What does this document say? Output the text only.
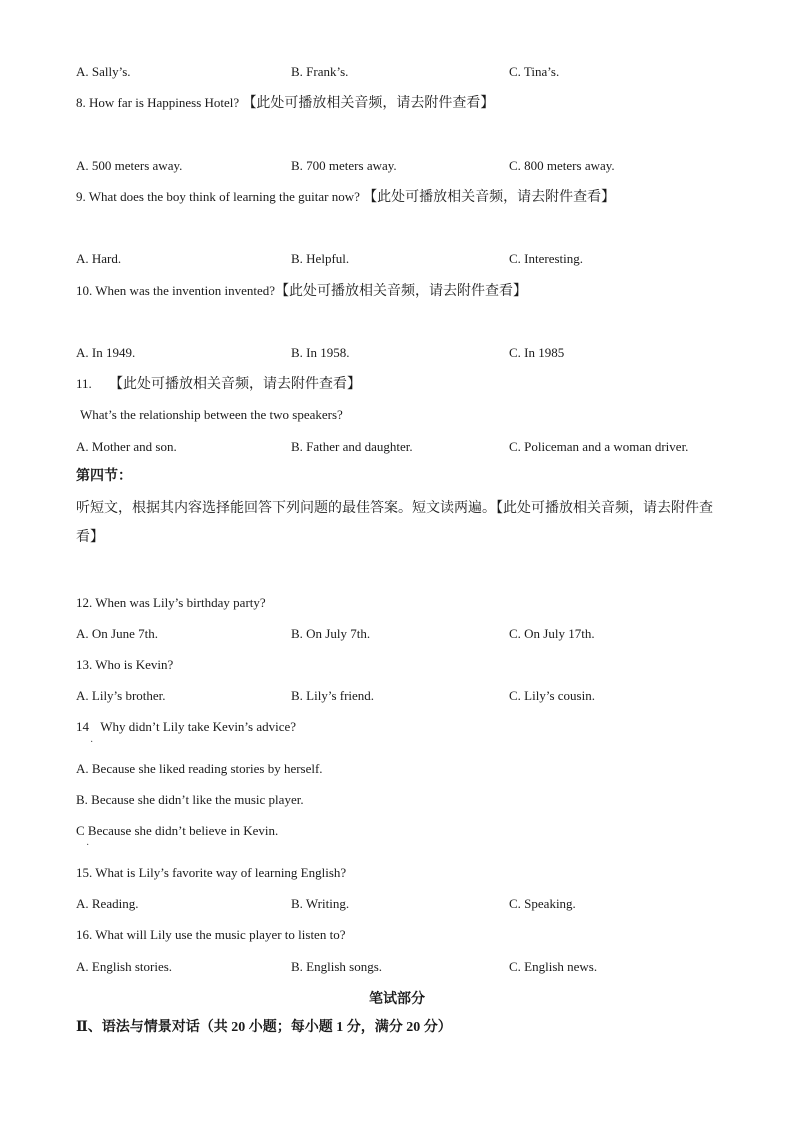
A. Sally’s.	B. Frank’s.	C. Tina’s.
8. How far is Happiness Hotel? 【此处可播放相关音频，请去附件查看】
A. 500 meters away.	B. 700 meters away.	C. 800 meters away.
9. What does the boy think of learning the guitar now? 【此处可播放相关音频，请去附件查看】
A. Hard.	B. Helpful.	C. Interesting.
10. When was the invention invented?【此处可播放相关音频，请去附件查看】
A. In 1949.	B. In 1958.	C. In 1985
11. 【此处可播放相关音频，请去附件查看】
What’s the relationship between the two speakers?
A. Mother and son.	B. Father and daughter.	C. Policeman and a woman driver.
第四节：
听短文，根据其内容选择能回答下列问题的最佳答案。短文读两遍。【此处可播放相关音频，请去附件查看】
12. When was Lily’s birthday party?
A. On June 7th.	B. On July 7th.	C. On July 17th.
13. Who is Kevin?
A. Lily’s brother.	B. Lily’s friend.	C. Lily’s cousin.
14 Why didn’t Lily take Kevin’s advice?
·
A. Because she liked reading stories by herself.
B. Because she didn’t like the music player.
C Because she didn’t believe in Kevin.
·
15. What is Lily’s favorite way of learning English?
A. Reading.	B. Writing.	C. Speaking.
16. What will Lily use the music player to listen to?
A. English stories.	B. English songs.	C. English news.
笔试部分
Ⅱ、语法与情景对话（共 20 小题；每小题 1 分，满分 20 分）
